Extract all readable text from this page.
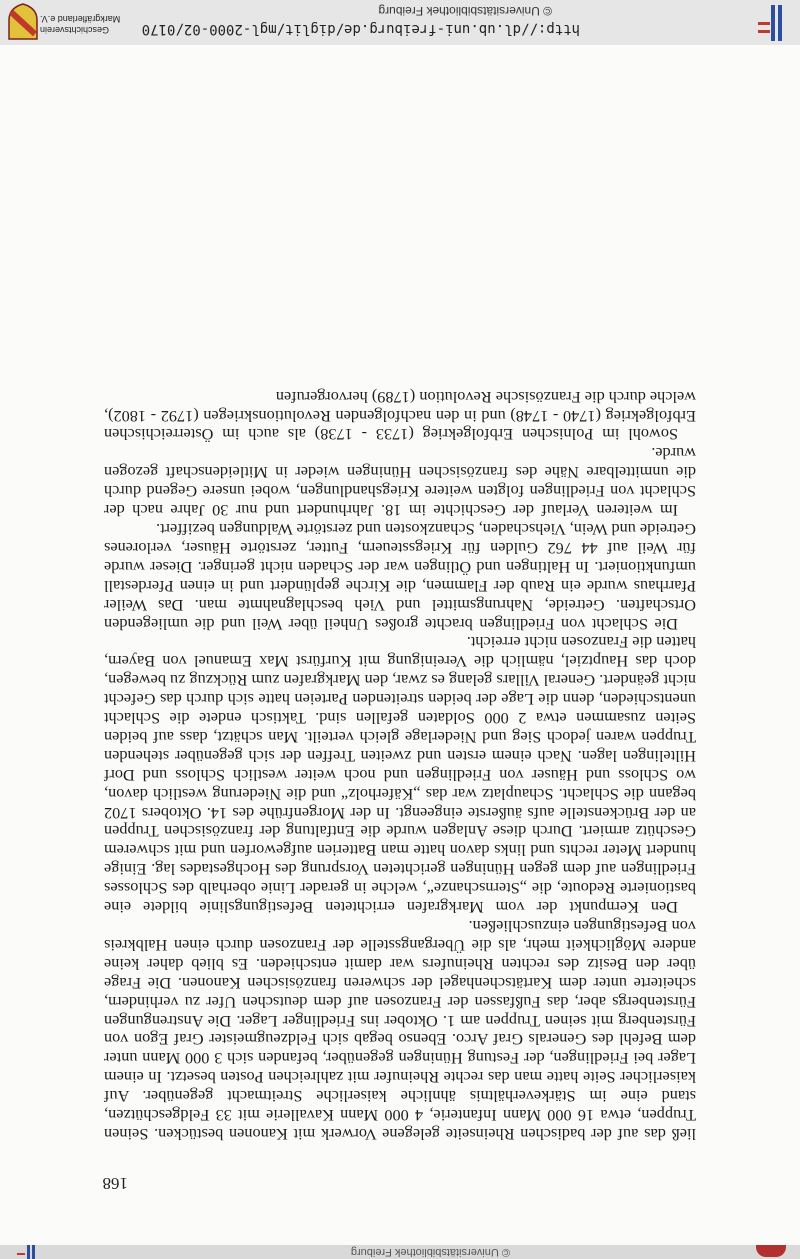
© Universitätsbibliothek Freiburg
168

ließ das auf der badischen Rheinseite gelegene Vorwerk mit Kanonen bestücken. Seinen Truppen, etwa 16 000 Mann Infanterie, 4 000 Mann Kavallerie mit 33 Feldgeschützen, stand eine im Stärkeverhältnis ähnliche kaiserliche Streitmacht gegenüber. Auf kaiserlicher Seite hatte man das rechte Rheinufer mit zahlreichen Posten besetzt. In einem Lager bei Friedlingen, der Festung Hüningen gegenüber, befanden sich 3 000 Mann unter dem Befehl des Generals Graf Arco. Ebenso begab sich Feldzeugmeister Graf Egon von Fürstenberg mit seinen Truppen am 1. Oktober ins Friedlinger Lager. Die Anstrengungen Fürstenbergs aber, das Fußfassen der Franzosen auf dem deutschen Ufer zu verhindern, scheiterte unter dem Kartätschenhagel der schweren französischen Kanonen. Die Frage über den Besitz des rechten Rheinufers war damit entschieden. Es blieb daher keine andere Möglichkeit mehr, als die Übergangsstelle der Franzosen durch einen Halbkreis von Befestigungen einzuschließen.

Den Kernpunkt der vom Markgrafen errichteten Befestigungslinie bildete eine bastionierte Redoute, die „Sternschanze“, welche in gerader Linie oberhalb des Schlosses Friedlingen auf dem gegen Hüningen gerichteten Vorsprung des Hochgestades lag. Einige hundert Meter rechts und links davon hatte man Batterien aufgeworfen und mit schwerem Geschütz armiert. Durch diese Anlagen wurde die Entfaltung der französischen Truppen an der Brückenstelle aufs äußerste eingeengt. In der Morgenfrühe des 14. Oktobers 1702 begann die Schlacht. Schauplatz war das „Käferholz“ und die Niederung westlich davon, wo Schloss und Häuser von Friedlingen und noch weiter westlich Schloss und Dorf Hiltelingen lagen. Nach einem ersten und zweiten Treffen der sich gegenüber stehenden Truppen waren jedoch Sieg und Niederlage gleich verteilt. Man schätzt, dass auf beiden Seiten zusammen etwa 2 000 Soldaten gefallen sind. Taktisch endete die Schlacht unentschieden, denn die Lage der beiden streitenden Parteien hatte sich durch das Gefecht nicht geändert. General Villars gelang es zwar, den Markgrafen zum Rückzug zu bewegen, doch das Hauptziel, nämlich die Vereinigung mit Kurfürst Max Emanuel von Bayern, hatten die Franzosen nicht erreicht.

Die Schlacht von Friedlingen brachte großes Unheil über Weil und die umliegenden Ortschaften. Getreide, Nahrungsmittel und Vieh beschlagnahmte man. Das Weiler Pfarrhaus wurde ein Raub der Flammen, die Kirche geplündert und in einen Pferdestall umfunktioniert. In Haltingen und Ötlingen war der Schaden nicht geringer. Dieser wurde für Weil auf 44 762 Gulden für Kriegssteuern, Futter, zerstörte Häuser, verlorenes Getreide und Wein, Viehschaden, Schanzkosten und zerstörte Waldungen beziffert.

Im weiteren Verlauf der Geschichte im 18. Jahrhundert und nur 30 Jahre nach der Schlacht von Friedlingen folgten weitere Kriegshandlungen, wobei unsere Gegend durch die unmittelbare Nähe des französischen Hüningen wieder in Mitleidenschaft gezogen wurde.

Sowohl im Polnischen Erbfolgekrieg (1733 - 1738) als auch im Österreichischen Erbfolgekrieg (1740 - 1748) und in den nachfolgenden Revolutionskriegen (1792 - 1802), welche durch die Französische Revolution (1789) hervorgerufen

http://dl.ub.uni-freiburg.de/diglit/mgl-2000-02/0170
© Universitätsbibliothek Freiburg
Geschichtsverein
Markgräflerland e.V.
